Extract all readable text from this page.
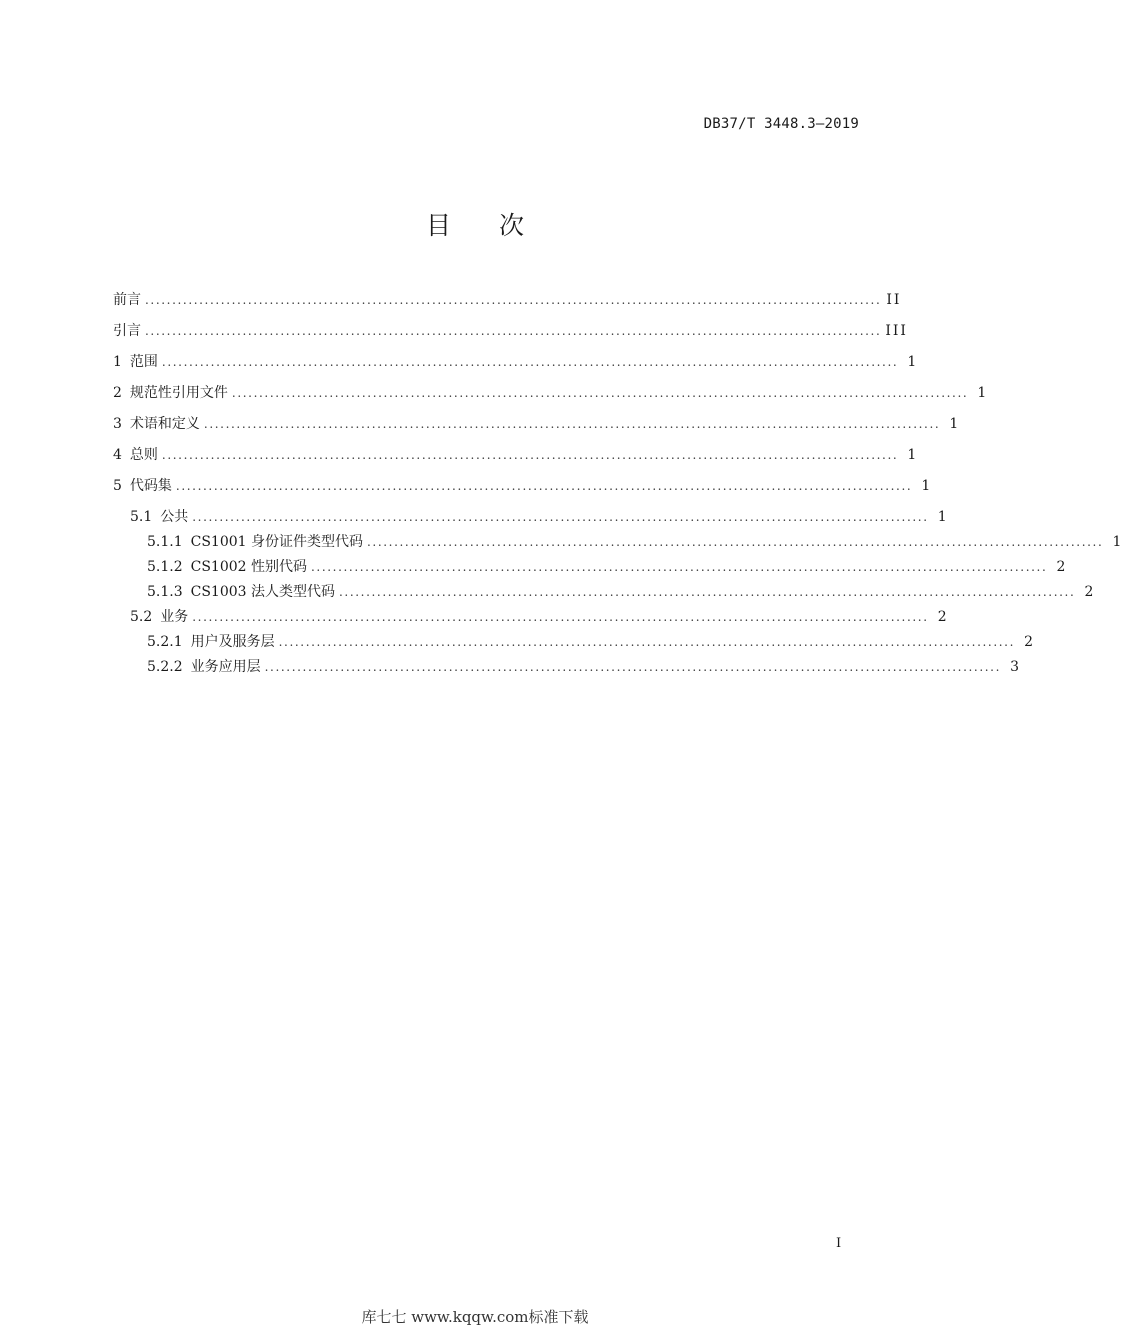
DB37/T 3448.3—2019
目次
前言 ........................................................................................................................................ II
引言 ........................................................................................................................................ III
1 范围 ........................................................................................................................................ 1
2 规范性引用文件 ........................................................................................................................................ 1
3 术语和定义 ........................................................................................................................................ 1
4 总则 ........................................................................................................................................ 1
5 代码集 ........................................................................................................................................ 1
5.1 公共 ........................................................................................................................................ 1
5.1.1 CS1001 身份证件类型代码 ........................................................................................................................................ 1
5.1.2 CS1002 性别代码 ........................................................................................................................................ 2
5.1.3 CS1003 法人类型代码 ........................................................................................................................................ 2
5.2 业务 ........................................................................................................................................ 2
5.2.1 用户及服务层 ........................................................................................................................................ 2
5.2.2 业务应用层 ........................................................................................................................................ 3
I
库七七 www.kqqw.com标准下载
